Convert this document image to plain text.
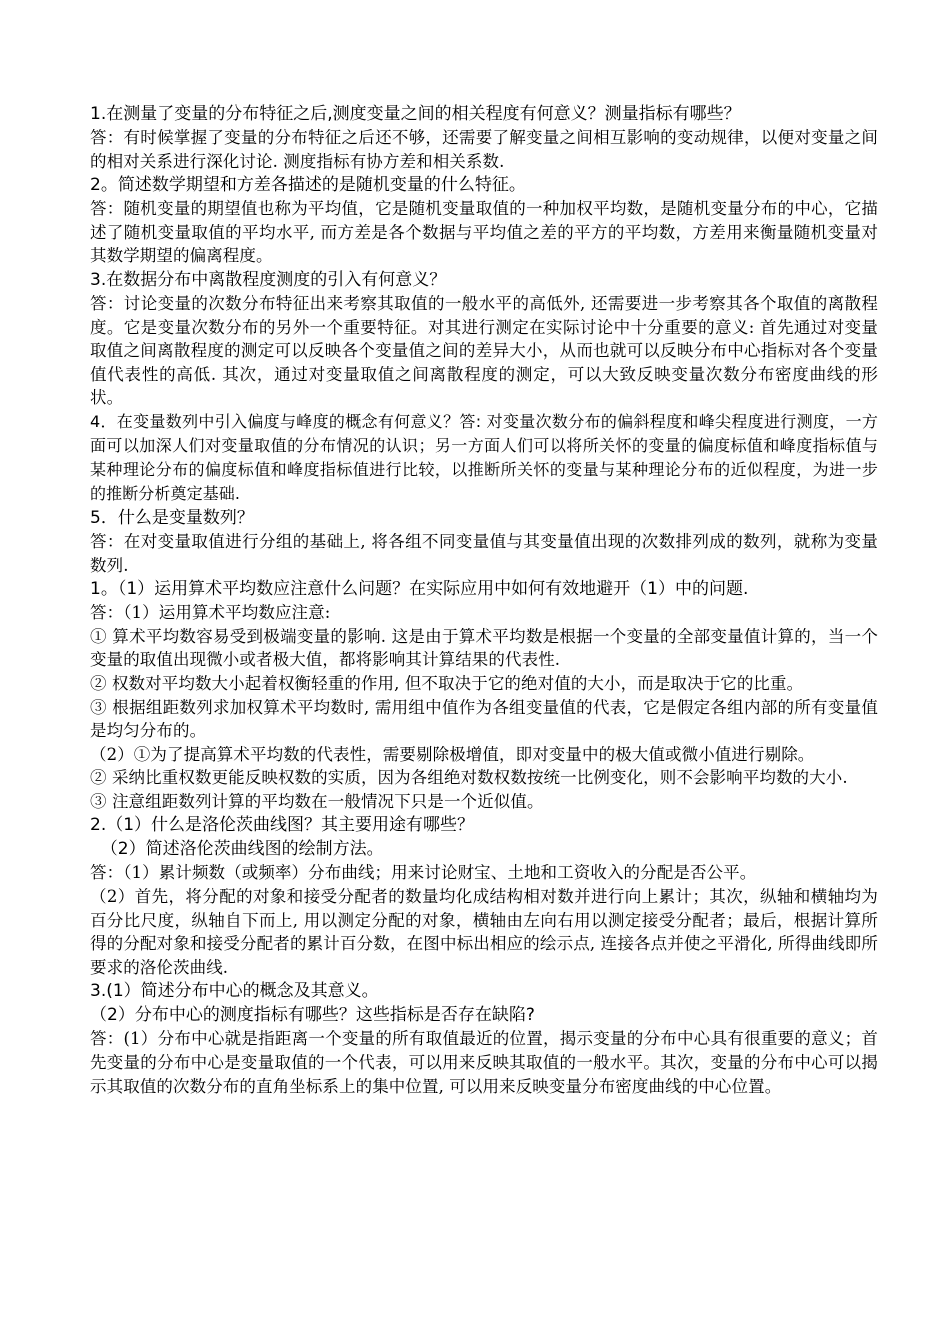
1.在测量了变量的分布特征之后,测度变量之间的相关程度有何意义？测量指标有哪些？

答：有时候掌握了变量的分布特征之后还不够，还需要了解变量之间相互影响的变动规律，以便对变量之间的相对关系进行深化讨论. 测度指标有协方差和相关系数.

2。简述数学期望和方差各描述的是随机变量的什么特征。

答：随机变量的期望值也称为平均值，它是随机变量取值的一种加权平均数，是随机变量分布的中心，它描述了随机变量取值的平均水平, 而方差是各个数据与平均值之差的平方的平均数，方差用来衡量随机变量对其数学期望的偏离程度。

3.在数据分布中离散程度测度的引入有何意义？

答：讨论变量的次数分布特征出来考察其取值的一般水平的高低外, 还需要进一步考察其各个取值的离散程度。它是变量次数分布的另外一个重要特征。对其进行测定在实际讨论中十分重要的意义: 首先通过对变量取值之间离散程度的测定可以反映各个变量值之间的差异大小，从而也就可以反映分布中心指标对各个变量值代表性的高低. 其次，通过对变量取值之间离散程度的测定，可以大致反映变量次数分布密度曲线的形状。

4．在变量数列中引入偏度与峰度的概念有何意义？答: 对变量次数分布的偏斜程度和峰尖程度进行测度，一方面可以加深人们对变量取值的分布情况的认识；另一方面人们可以将所关怀的变量的偏度标值和峰度指标值与某种理论分布的偏度标值和峰度指标值进行比较，以推断所关怀的变量与某种理论分布的近似程度，为进一步的推断分析奠定基础.

5．什么是变量数列？

答：在对变量取值进行分组的基础上, 将各组不同变量值与其变量值出现的次数排列成的数列，就称为变量数列.

1。（1）运用算术平均数应注意什么问题？在实际应用中如何有效地避开（1）中的问题.

答：（1）运用算术平均数应注意:

① 算术平均数容易受到极端变量的影响. 这是由于算术平均数是根据一个变量的全部变量值计算的，当一个变量的取值出现微小或者极大值，都将影响其计算结果的代表性.

② 权数对平均数大小起着权衡轻重的作用, 但不取决于它的绝对值的大小，而是取决于它的比重。

③ 根据组距数列求加权算术平均数时, 需用组中值作为各组变量值的代表，它是假定各组内部的所有变量值是均匀分布的。

（2）①为了提高算术平均数的代表性，需要剔除极增值，即对变量中的极大值或微小值进行剔除。

② 采纳比重权数更能反映权数的实质，因为各组绝对数权数按统一比例变化，则不会影响平均数的大小.

③ 注意组距数列计算的平均数在一般情况下只是一个近似值。

2.（1）什么是洛伦茨曲线图？其主要用途有哪些？

（2）简述洛伦茨曲线图的绘制方法。

答：（1）累计频数（或频率）分布曲线；用来讨论财宝、土地和工资收入的分配是否公平。

（2）首先，将分配的对象和接受分配者的数量均化成结构相对数并进行向上累计；其次，纵轴和横轴均为百分比尺度，纵轴自下而上, 用以测定分配的对象，横轴由左向右用以测定接受分配者；最后，根据计算所得的分配对象和接受分配者的累计百分数，在图中标出相应的绘示点, 连接各点并使之平滑化, 所得曲线即所要求的洛伦茨曲线.

3.(1）简述分布中心的概念及其意义。

（2）分布中心的测度指标有哪些？这些指标是否存在缺陷?

答：(1）分布中心就是指距离一个变量的所有取值最近的位置，揭示变量的分布中心具有很重要的意义；首先变量的分布中心是变量取值的一个代表，可以用来反映其取值的一般水平。其次，变量的分布中心可以揭示其取值的次数分布的直角坐标系上的集中位置, 可以用来反映变量分布密度曲线的中心位置。
